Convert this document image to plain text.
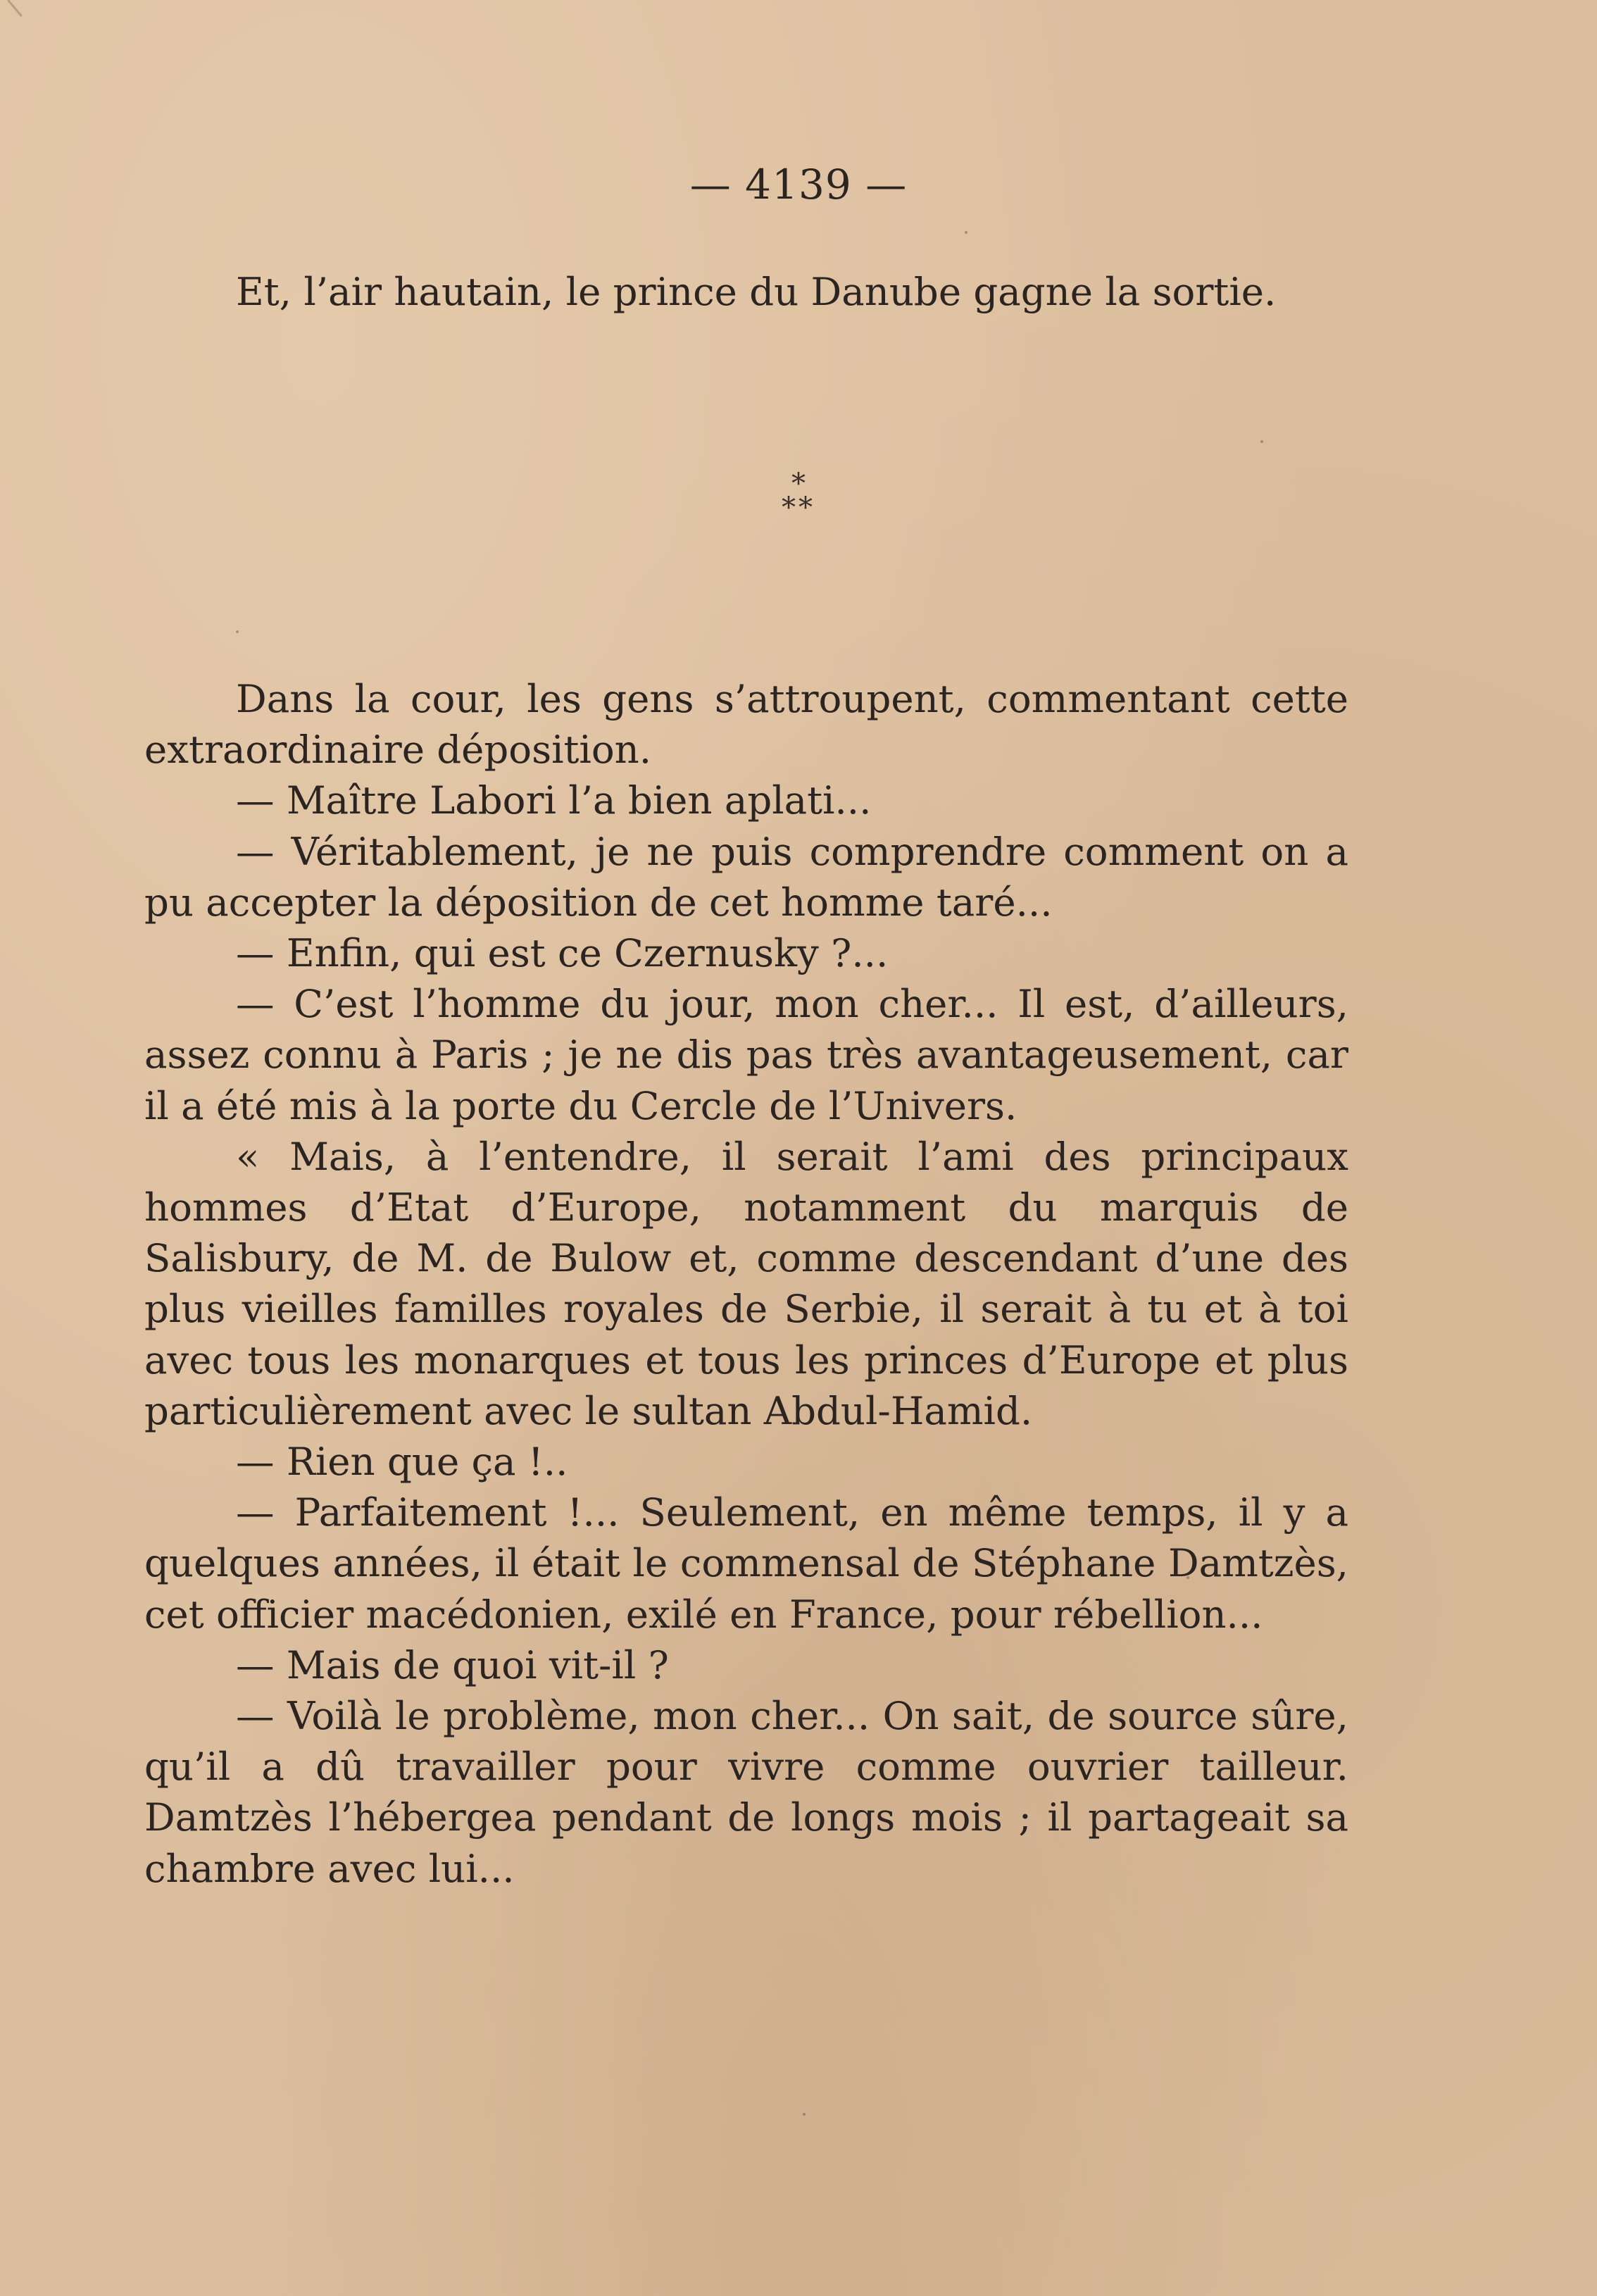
— 4139 —

Et, l’air hautain, le prince du Danube gagne la sortie.

*
**

Dans la cour, les gens s’attroupent, commentant cette extraordinaire déposition.

— Maître Labori l’a bien aplati...

— Véritablement, je ne puis comprendre comment on a pu accepter la déposition de cet homme taré...

— Enfin, qui est ce Czernusky ?...

— C’est l’homme du jour, mon cher... Il est, d’ailleurs, assez connu à Paris ; je ne dis pas très avantageusement, car il a été mis à la porte du Cercle de l’Univers.

« Mais, à l’entendre, il serait l’ami des principaux hommes d’Etat d’Europe, notamment du marquis de Salisbury, de M. de Bulow et, comme descendant d’une des plus vieilles familles royales de Serbie, il serait à tu et à toi avec tous les monarques et tous les princes d’Europe et plus particulièrement avec le sultan Abdul-Hamid.

— Rien que ça !..

— Parfaitement !... Seulement, en même temps, il y a quelques années, il était le commensal de Stéphane Damtzès, cet officier macédonien, exilé en France, pour rébellion...

— Mais de quoi vit-il ?

— Voilà le problème, mon cher... On sait, de source sûre, qu’il a dû travailler pour vivre comme ouvrier tailleur. Damtzès l’hébergea pendant de longs mois ; il partageait sa chambre avec lui...
